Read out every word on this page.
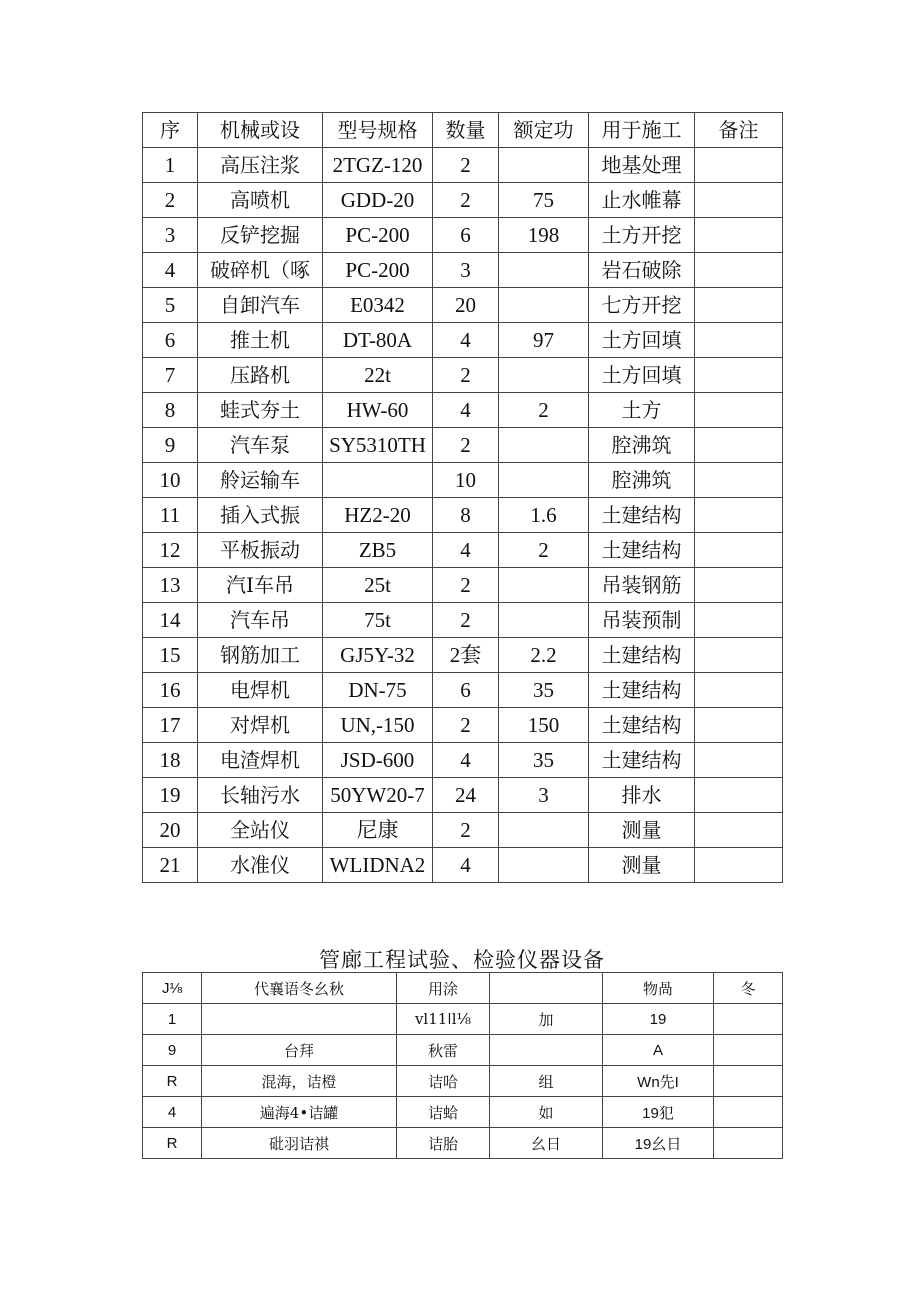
序	机械或设	型号规格	数量	额定功	用于施工	备注
1	高压注浆	2TGZ-120	2		地基处理	
2	高喷机	GDD-20	2	75	止水帷幕	
3	反铲挖掘	PC-200	6	198	土方开挖	
4	破碎机（啄	PC-200	3		岩石破除	
5	自卸汽车	E0342	20		七方开挖	
6	推土机	DT-80A	4	97	土方回填	
7	压路机	22t	2		土方回填	
8	蛙式夯土	HW-60	4	2	土方	
9	汽车泵	SY5310TH	2		腔沸筑	
10	舲运输车		10		腔沸筑	
11	插入式振	HZ2-20	8	1.6	土建结构	
12	平板振动	ZB5	4	2	土建结构	
13	汽I车吊	25t	2		吊装钢筋	
14	汽车吊	75t	2		吊装预制	
15	钢筋加工	GJ5Y-32	2套	2.2	土建结构	
16	电焊机	DN-75	6	35	土建结构	
17	对焊机	UN,-150	2	150	土建结构	
18	电渣焊机	JSD-600	4	35	土建结构	
19	长轴污水	50YW20-7	24	3	排水	
20	全站仪	尼康	2		测量	
21	水准仪	WLIDNA2	4		测量	
管廊工程试验、检验仪器设备
J⅛	代襄语冬幺秋	用涂		物咼	冬
1		vl11ǀl⅛	加	19	
9	台拜	秋雷		A	
R	混海，诘橙	诘哈	组	Wn先I	
4	遍海4•诘罐	诘蛤	如	19犯	
R	砒羽诘祺	诘胎	幺日	19幺日	
